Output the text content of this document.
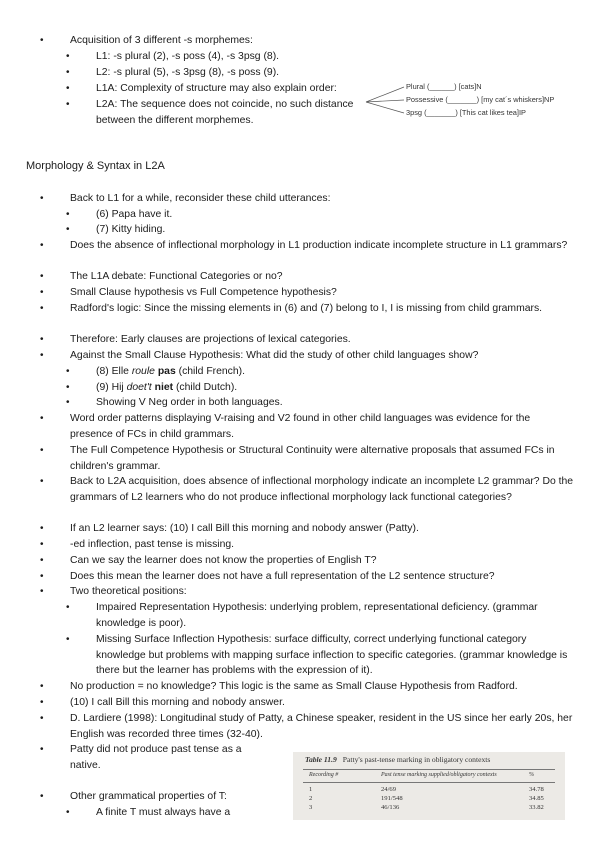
•	Acquisition of 3 different -s morphemes:
•	L1: -s plural (2), -s poss (4), -s 3psg (8).
•	L2: -s plural (5), -s 3psg (8), -s poss (9).
•	L1A: Complexity of structure may also explain order:
•	L2A: The sequence does not coincide, no such distance between the different morphemes.
Plural (______) [cats]N
Possessive (_______) [my cat´s whiskers]NP
3psg (_______) [This cat likes tea]IP
Morphology & Syntax in L2A
•	Back to L1 for a while, reconsider these child utterances:
•	(6) Papa have it.
•	(7) Kitty hiding.
•	Does the absence of inflectional morphology in L1 production indicate incomplete structure in L1 grammars?
•	The L1A debate: Functional Categories or no?
•	Small Clause hypothesis vs Full Competence hypothesis?
•	Radford's logic: Since the missing elements in (6) and (7) belong to I, I is missing from child grammars.
•	Therefore: Early clauses are projections of lexical categories.
•	Against the Small Clause Hypothesis: What did the study of other child languages show?
•	(8) Elle roule pas (child French).
•	(9) Hij doet't niet (child Dutch).
•	Showing V Neg order in both languages.
•	Word order patterns displaying V-raising and V2 found in other child languages was evidence for the presence of FCs in child grammars.
•	The Full Competence Hypothesis or Structural Continuity were alternative proposals that assumed FCs in children's grammar.
•	Back to L2A acquisition, does absence of inflectional morphology indicate an incomplete L2 grammar? Do the grammars of L2 learners who do not produce inflectional morphology lack functional categories?
•	If an L2 learner says: (10) I call Bill this morning and nobody answer (Patty).
•	-ed inflection, past tense is missing.
•	Can we say the learner does not know the properties of English T?
•	Does this mean the learner does not have a full representation of the L2 sentence structure?
•	Two theoretical positions:
•	Impaired Representation Hypothesis: underlying problem, representational deficiency. (grammar knowledge is poor).
•	Missing Surface Inflection Hypothesis: surface difficulty, correct underlying functional category knowledge but problems with mapping surface inflection to specific categories. (grammar knowledge is there but the learner has problems with the expression of it).
•	No production = no knowledge? This logic is the same as Small Clause Hypothesis from Radford.
•	(10) I call Bill this morning and nobody answer.
•	D. Lardiere (1998): Longitudinal study of Patty, a Chinese speaker, resident in the US since her early 20s, her English was recorded three times (32-40).
•	Patty did not produce past tense as a native.
•	Other grammatical properties of T:
•	A finite T must always have a
Table 11.9 Patty's past-tense marking in obligatory contexts
Recording #	Past tense marking supplied/obligatory contexts	%
1	24/69	34.78
2	191/548	34.85
3	46/136	33.82
